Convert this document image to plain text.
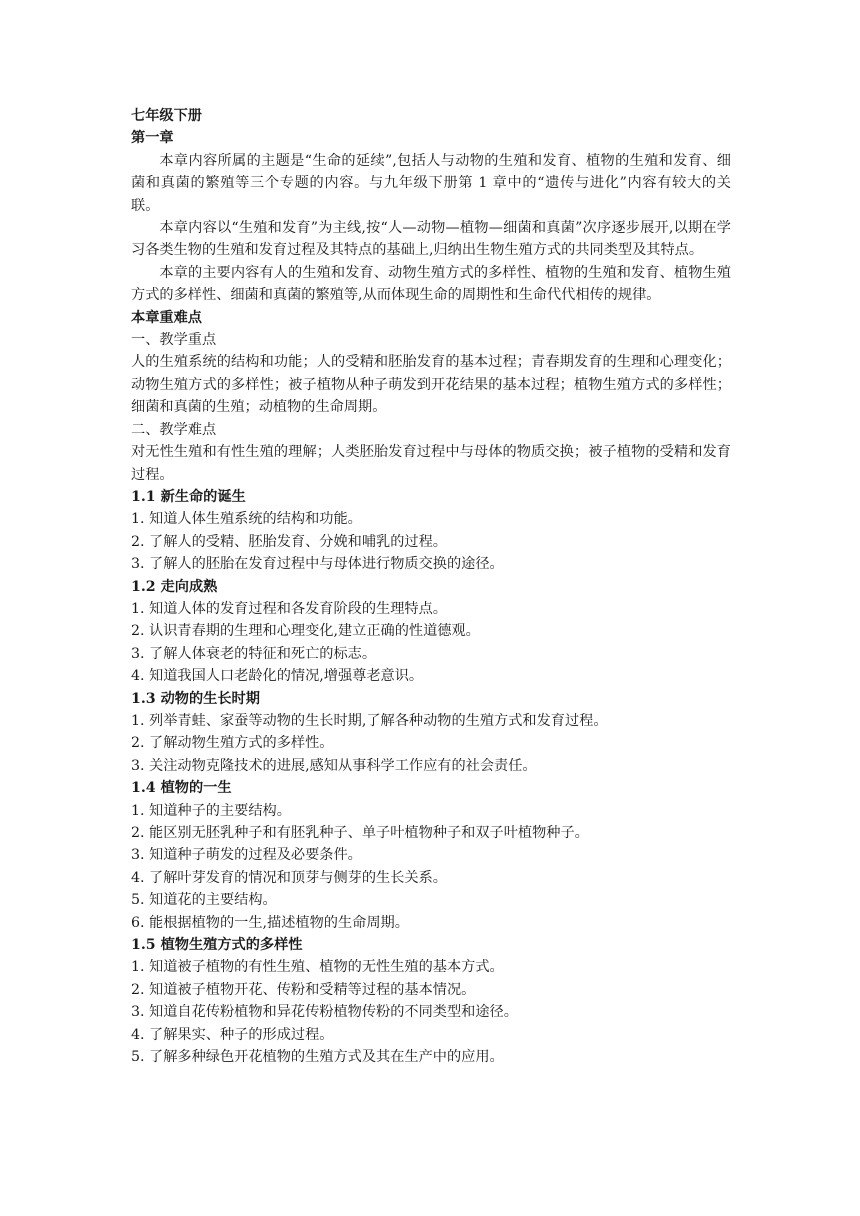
七年级下册

第一章

本章内容所属的主题是“生命的延续”,包括人与动物的生殖和发育、植物的生殖和发育、细菌和真菌的繁殖等三个专题的内容。与九年级下册第 1 章中的“遗传与进化”内容有较大的关联。

本章内容以“生殖和发育”为主线,按“人—动物—植物—细菌和真菌”次序逐步展开,以期在学习各类生物的生殖和发育过程及其特点的基础上,归纳出生物生殖方式的共同类型及其特点。

本章的主要内容有人的生殖和发育、动物生殖方式的多样性、植物的生殖和发育、植物生殖方式的多样性、细菌和真菌的繁殖等,从而体现生命的周期性和生命代代相传的规律。

本章重难点

一、教学重点

人的生殖系统的结构和功能；人的受精和胚胎发育的基本过程；青春期发育的生理和心理变化；动物生殖方式的多样性；被子植物从种子萌发到开花结果的基本过程；植物生殖方式的多样性；细菌和真菌的生殖；动植物的生命周期。

二、教学难点

对无性生殖和有性生殖的理解；人类胚胎发育过程中与母体的物质交换；被子植物的受精和发育过程。

1.1 新生命的诞生

1. 知道人体生殖系统的结构和功能。

2. 了解人的受精、胚胎发育、分娩和哺乳的过程。

3. 了解人的胚胎在发育过程中与母体进行物质交换的途径。

1.2 走向成熟

1. 知道人体的发育过程和各发育阶段的生理特点。

2. 认识青春期的生理和心理变化,建立正确的性道德观。

3. 了解人体衰老的特征和死亡的标志。

4. 知道我国人口老龄化的情况,增强尊老意识。

1.3 动物的生长时期

1. 列举青蛙、家蚕等动物的生长时期,了解各种动物的生殖方式和发育过程。

2. 了解动物生殖方式的多样性。

3. 关注动物克隆技术的进展,感知从事科学工作应有的社会责任。

1.4 植物的一生

1. 知道种子的主要结构。

2. 能区别无胚乳种子和有胚乳种子、单子叶植物种子和双子叶植物种子。

3. 知道种子萌发的过程及必要条件。

4. 了解叶芽发育的情况和顶芽与侧芽的生长关系。

5. 知道花的主要结构。

6. 能根据植物的一生,描述植物的生命周期。

1.5 植物生殖方式的多样性

1. 知道被子植物的有性生殖、植物的无性生殖的基本方式。

2. 知道被子植物开花、传粉和受精等过程的基本情况。

3. 知道自花传粉植物和异花传粉植物传粉的不同类型和途径。

4. 了解果实、种子的形成过程。

5. 了解多种绿色开花植物的生殖方式及其在生产中的应用。
